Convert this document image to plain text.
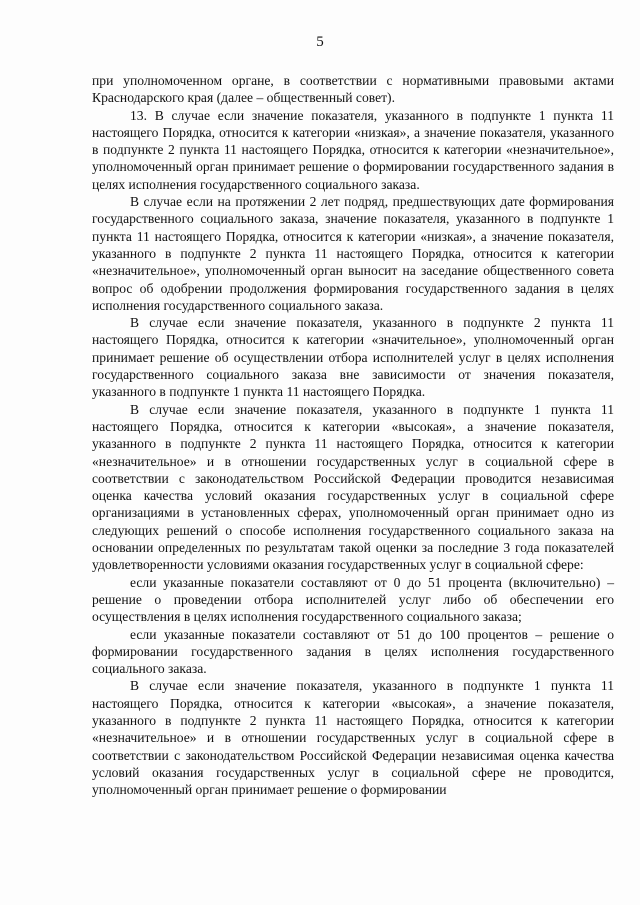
5

при уполномоченном органе, в соответствии с нормативными правовыми актами Краснодарского края (далее – общественный совет).

13. В случае если значение показателя, указанного в подпункте 1 пункта 11 настоящего Порядка, относится к категории «низкая», а значение показателя, указанного в подпункте 2 пункта 11 настоящего Порядка, относится к категории «незначительное», уполномоченный орган принимает решение о формировании государственного задания в целях исполнения государственного социального заказа.

В случае если на протяжении 2 лет подряд, предшествующих дате формирования государственного социального заказа, значение показателя, указанного в подпункте 1 пункта 11 настоящего Порядка, относится к категории «низкая», а значение показателя, указанного в подпункте 2 пункта 11 настоящего Порядка, относится к категории «незначительное», уполномоченный орган выносит на заседание общественного совета вопрос об одобрении продолжения формирования государственного задания в целях исполнения государственного социального заказа.

В случае если значение показателя, указанного в подпункте 2 пункта 11 настоящего Порядка, относится к категории «значительное», уполномоченный орган принимает решение об осуществлении отбора исполнителей услуг в целях исполнения государственного социального заказа вне зависимости от значения показателя, указанного в подпункте 1 пункта 11 настоящего Порядка.

В случае если значение показателя, указанного в подпункте 1 пункта 11 настоящего Порядка, относится к категории «высокая», а значение показателя, указанного в подпункте 2 пункта 11 настоящего Порядка, относится к категории «незначительное» и в отношении государственных услуг в социальной сфере в соответствии с законодательством Российской Федерации проводится независимая оценка качества условий оказания государственных услуг в социальной сфере организациями в установленных сферах, уполномоченный орган принимает одно из следующих решений о способе исполнения государственного социального заказа на основании определенных по результатам такой оценки за последние 3 года показателей удовлетворенности условиями оказания государственных услуг в социальной сфере:

если указанные показатели составляют от 0 до 51 процента (включительно) – решение о проведении отбора исполнителей услуг либо об обеспечении его осуществления в целях исполнения государственного социального заказа;

если указанные показатели составляют от 51 до 100 процентов – решение о формировании государственного задания в целях исполнения государственного социального заказа.

В случае если значение показателя, указанного в подпункте 1 пункта 11 настоящего Порядка, относится к категории «высокая», а значение показателя, указанного в подпункте 2 пункта 11 настоящего Порядка, относится к категории «незначительное» и в отношении государственных услуг в социальной сфере в соответствии с законодательством Российской Федерации независимая оценка качества условий оказания государственных услуг в социальной сфере не проводится, уполномоченный орган принимает решение о формировании
